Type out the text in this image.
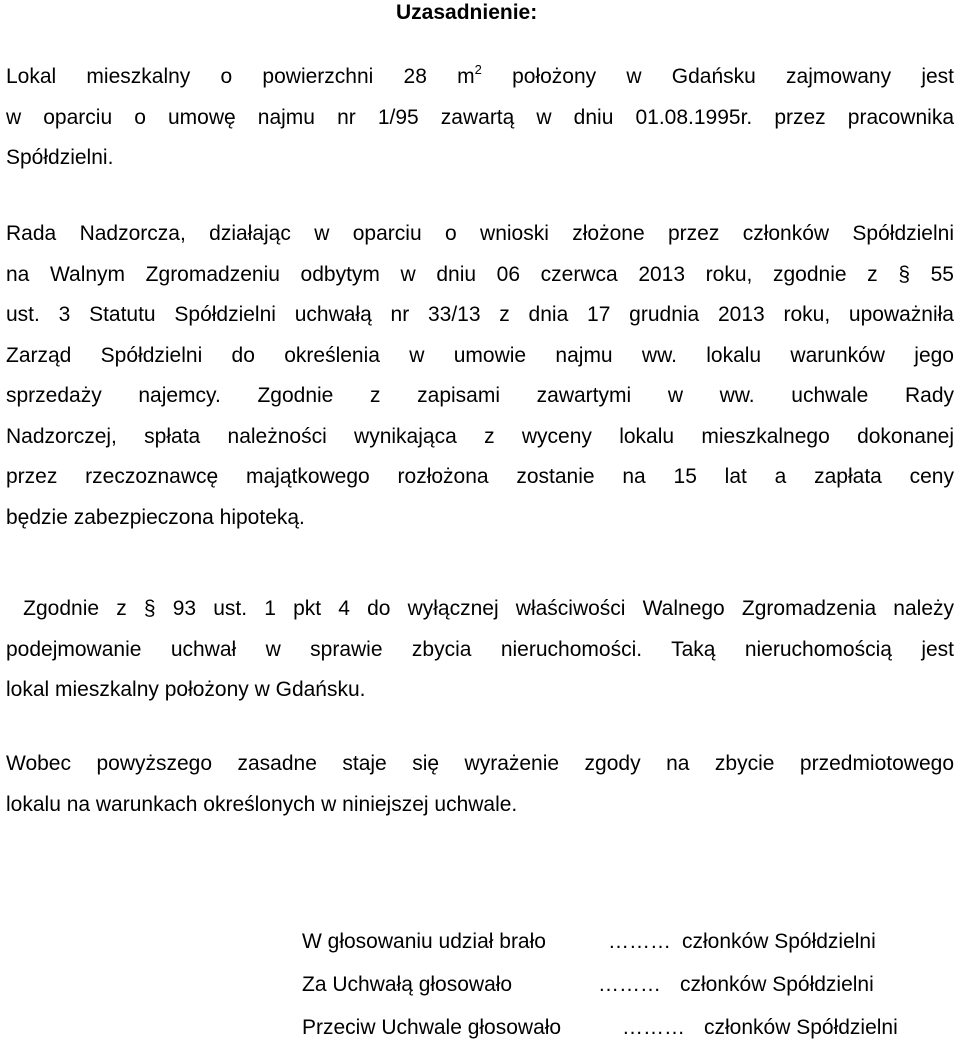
Uzasadnienie:
Lokal mieszkalny o powierzchni 28 $m^2$ położony w Gdańsku zajmowany jest
w oparciu o umowę najmu nr 1/95 zawartą w dniu 01.08.1995r. przez pracownika
Spółdzielni.
Rada Nadzorcza, działając w oparciu o wnioski złożone przez członków Spółdzielni
na Walnym Zgromadzeniu odbytym w dniu 06 czerwca 2013 roku, zgodnie z § 55
ust. 3 Statutu Spółdzielni uchwałą nr 33/13 z dnia 17 grudnia 2013 roku, upoważniła
Zarząd Spółdzielni do określenia w umowie najmu ww. lokalu warunków jego
sprzedaży najemcy. Zgodnie z zapisami zawartymi w ww. uchwale Rady
Nadzorczej, spłata należności wynikająca z wyceny lokalu mieszkalnego dokonanej
przez rzeczoznawcę majątkowego rozłożona zostanie na 15 lat a zapłata ceny
będzie zabezpieczona hipoteką.
Zgodnie z § 93 ust. 1 pkt 4 do wyłącznej właściwości Walnego Zgromadzenia należy
podejmowanie uchwał w sprawie zbycia nieruchomości. Taką nieruchomością jest
lokal mieszkalny położony w Gdańsku.
Wobec powyższego zasadne staje się wyrażenie zgody na zbycie przedmiotowego
lokalu na warunkach określonych w niniejszej uchwale.
W głosowaniu udział brało	……… członków Spółdzielni
Za Uchwałą głosowało	……… członków Spółdzielni
Przeciw Uchwale głosowało	……… członków Spółdzielni
